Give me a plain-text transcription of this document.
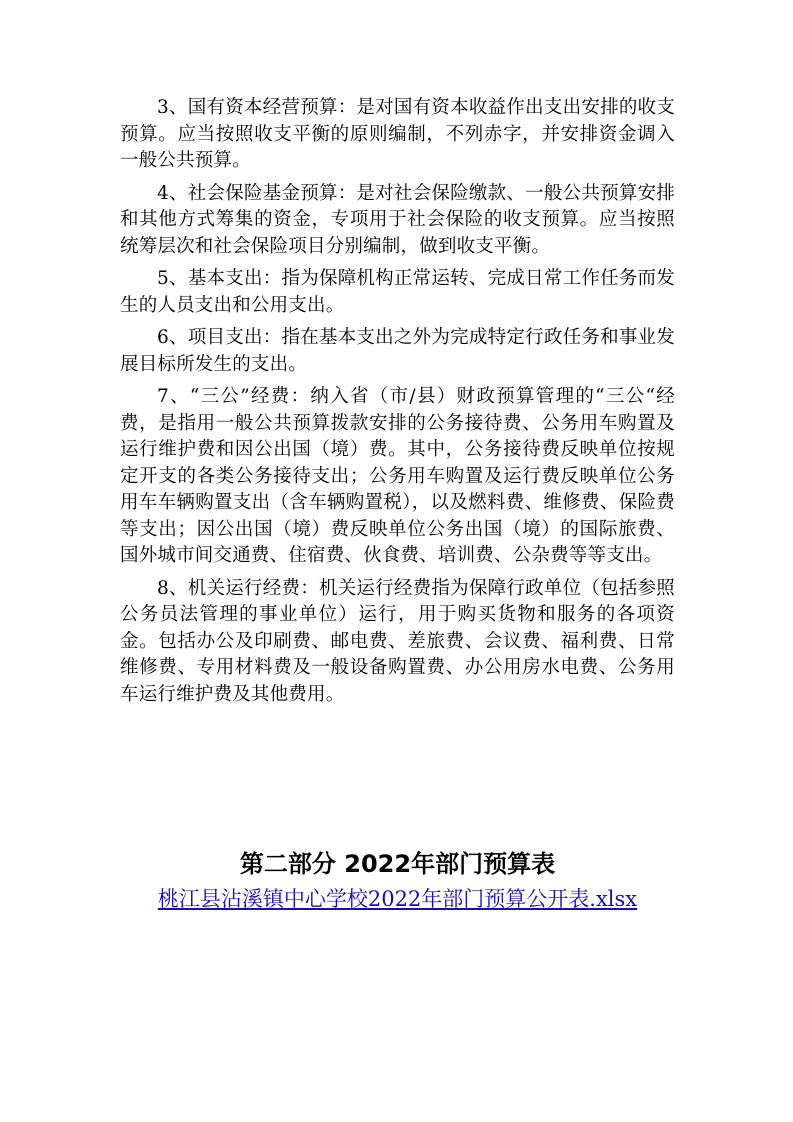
3、国有资本经营预算：是对国有资本收益作出支出安排的收支预算。应当按照收支平衡的原则编制，不列赤字，并安排资金调入一般公共预算。

4、社会保险基金预算：是对社会保险缴款、一般公共预算安排和其他方式筹集的资金，专项用于社会保险的收支预算。应当按照统筹层次和社会保险项目分别编制，做到收支平衡。

5、基本支出：指为保障机构正常运转、完成日常工作任务而发生的人员支出和公用支出。

6、项目支出：指在基本支出之外为完成特定行政任务和事业发展目标所发生的支出。

7、“三公”经费：纳入省（市/县）财政预算管理的“三公“经费，是指用一般公共预算拨款安排的公务接待费、公务用车购置及运行维护费和因公出国（境）费。其中，公务接待费反映单位按规定开支的各类公务接待支出；公务用车购置及运行费反映单位公务用车车辆购置支出（含车辆购置税），以及燃料费、维修费、保险费等支出；因公出国（境）费反映单位公务出国（境）的国际旅费、国外城市间交通费、住宿费、伙食费、培训费、公杂费等等支出。

8、机关运行经费：机关运行经费指为保障行政单位（包括参照公务员法管理的事业单位）运行，用于购买货物和服务的各项资金。包括办公及印刷费、邮电费、差旅费、会议费、福利费、日常维修费、专用材料费及一般设备购置费、办公用房水电费、公务用车运行维护费及其他费用。

第二部分 2022年部门预算表
桃江县沾溪镇中心学校2022年部门预算公开表.xlsx
